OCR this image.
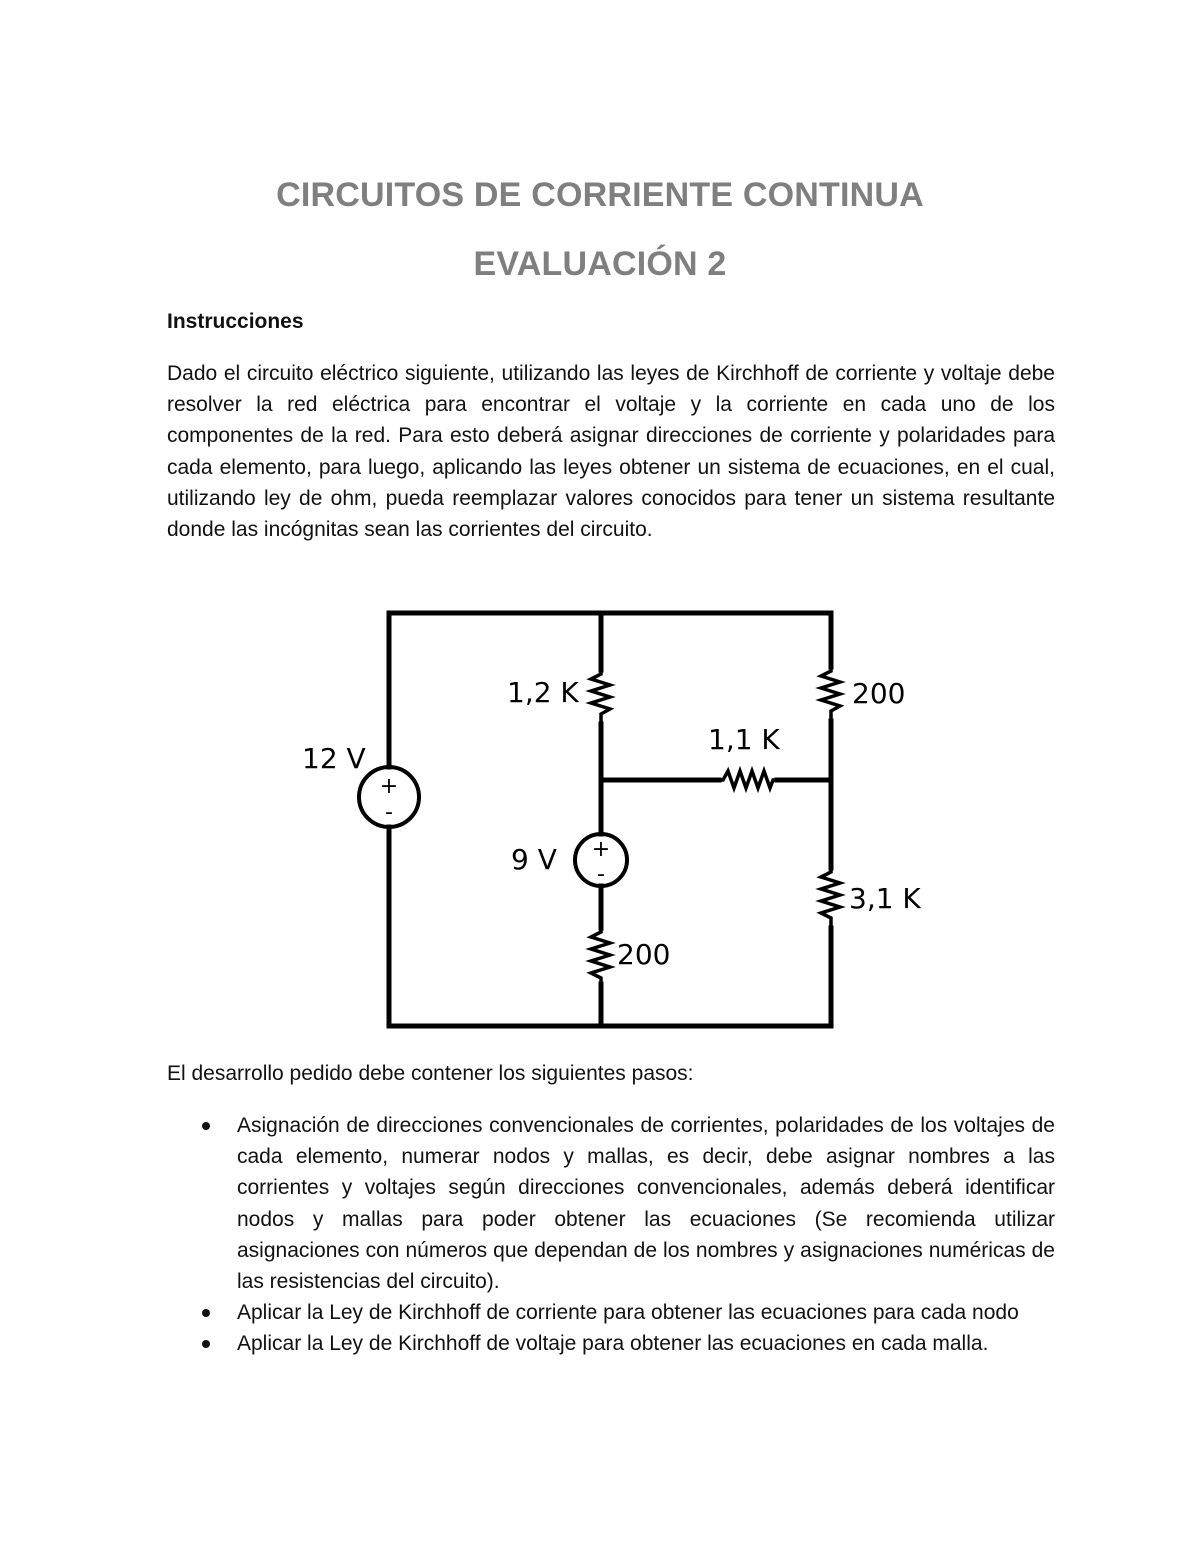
CIRCUITOS DE CORRIENTE CONTINUA
EVALUACIÓN 2

Instrucciones

Dado el circuito eléctrico siguiente, utilizando las leyes de Kirchhoff de corriente y voltaje debe resolver la red eléctrica para encontrar el voltaje y la corriente en cada uno de los componentes de la red. Para esto deberá asignar direcciones de corriente y polaridades para cada elemento, para luego, aplicando las leyes obtener un sistema de ecuaciones, en el cual, utilizando ley de ohm, pueda reemplazar valores conocidos para tener un sistema resultante donde las incógnitas sean las corrientes del circuito.

+
-
+
-
12 V
9 V
1,2 K	200
1,1 K
3,1 K
200

El desarrollo pedido debe contener los siguientes pasos:

Asignación de direcciones convencionales de corrientes, polaridades de los voltajes de cada elemento, numerar nodos y mallas, es decir, debe asignar nombres a las corrientes y voltajes según direcciones convencionales, además deberá identificar nodos y mallas para poder obtener las ecuaciones (Se recomienda utilizar asignaciones con números que dependan de los nombres y asignaciones numéricas de las resistencias del circuito).
Aplicar la Ley de Kirchhoff de corriente para obtener las ecuaciones para cada nodo
Aplicar la Ley de Kirchhoff de voltaje para obtener las ecuaciones en cada malla.
